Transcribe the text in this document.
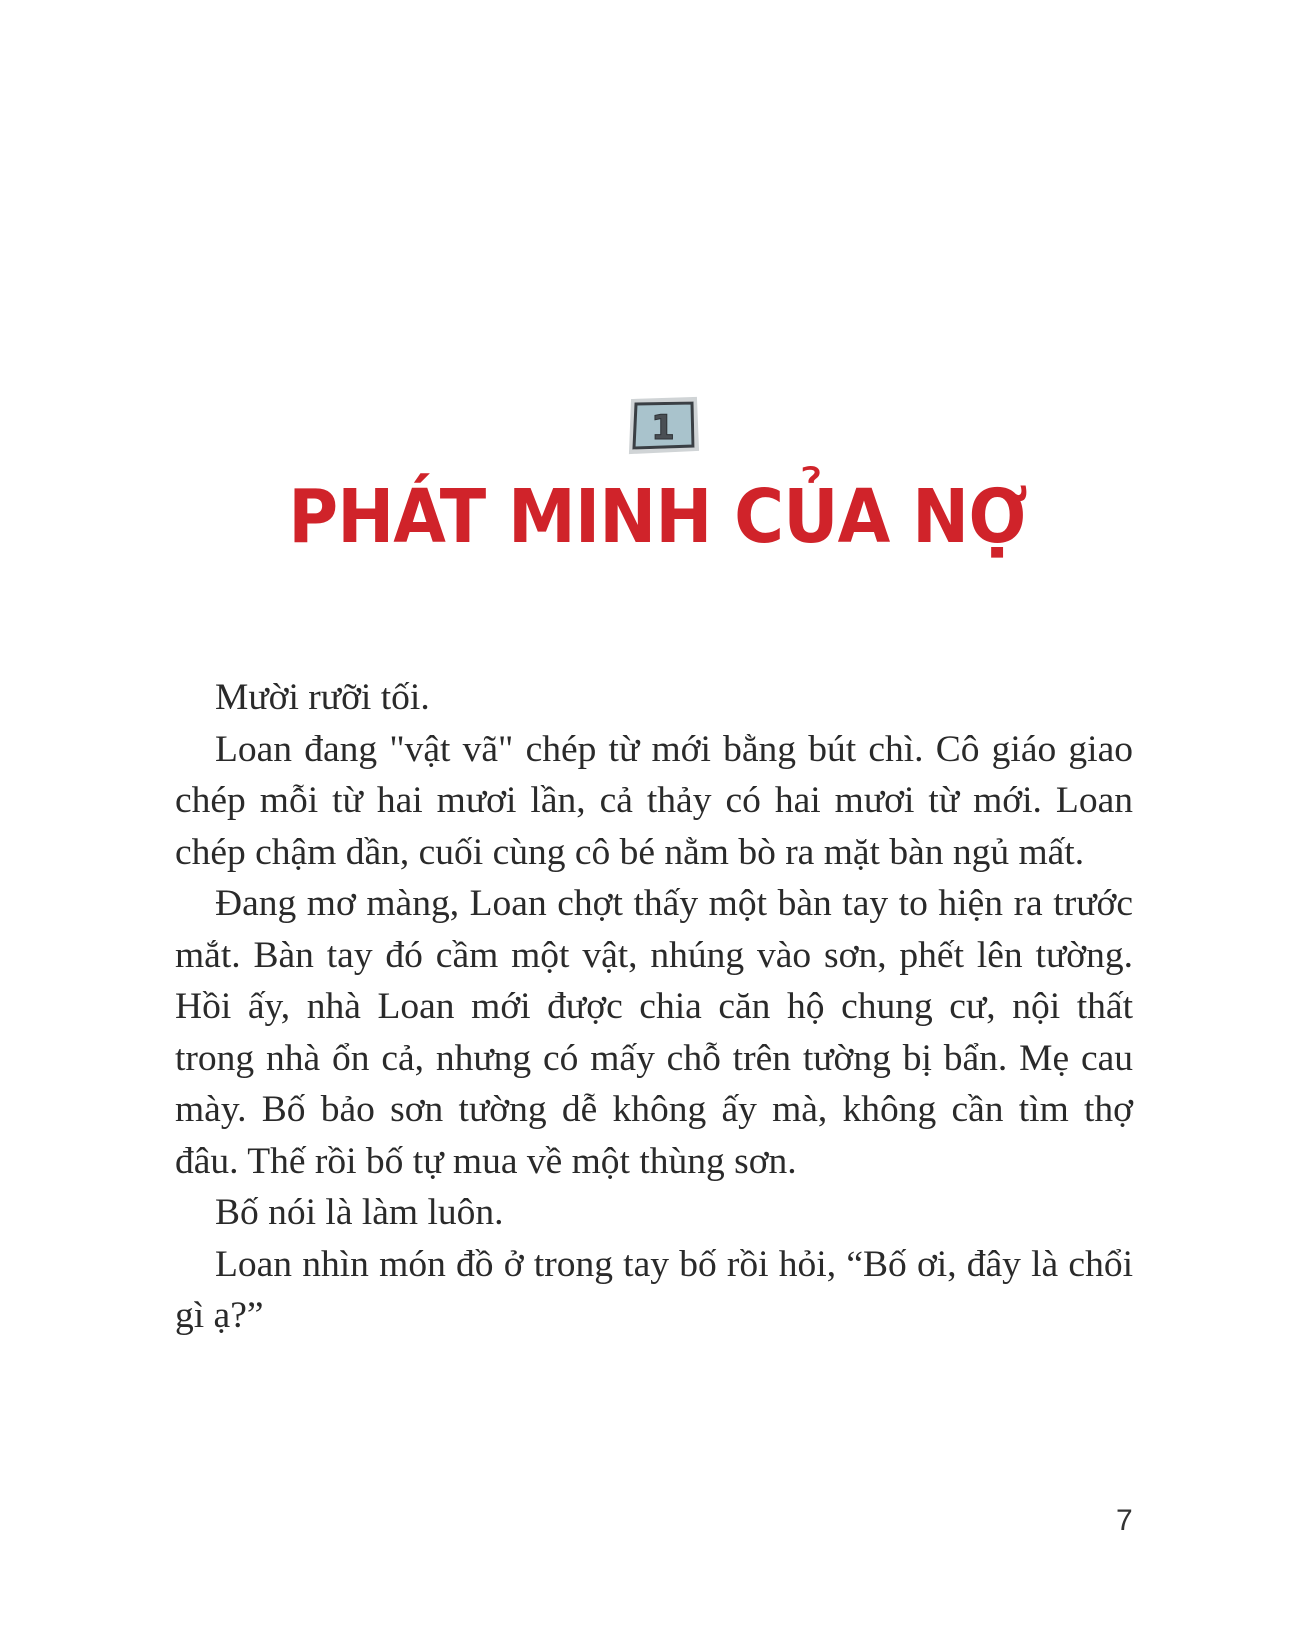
1
PHÁT MINH CỦA NỢ

Mười rưỡi tối.

Loan đang "vật vã" chép từ mới bằng bút chì. Cô giáo giao chép mỗi từ hai mươi lần, cả thảy có hai mươi từ mới. Loan chép chậm dần, cuối cùng cô bé nằm bò ra mặt bàn ngủ mất.

Đang mơ màng, Loan chợt thấy một bàn tay to hiện ra trước mắt. Bàn tay đó cầm một vật, nhúng vào sơn, phết lên tường. Hồi ấy, nhà Loan mới được chia căn hộ chung cư, nội thất trong nhà ổn cả, nhưng có mấy chỗ trên tường bị bẩn. Mẹ cau mày. Bố bảo sơn tường dễ không ấy mà, không cần tìm thợ đâu. Thế rồi bố tự mua về một thùng sơn.

Bố nói là làm luôn.

Loan nhìn món đồ ở trong tay bố rồi hỏi, “Bố ơi, đây là chổi gì ạ?”

7
